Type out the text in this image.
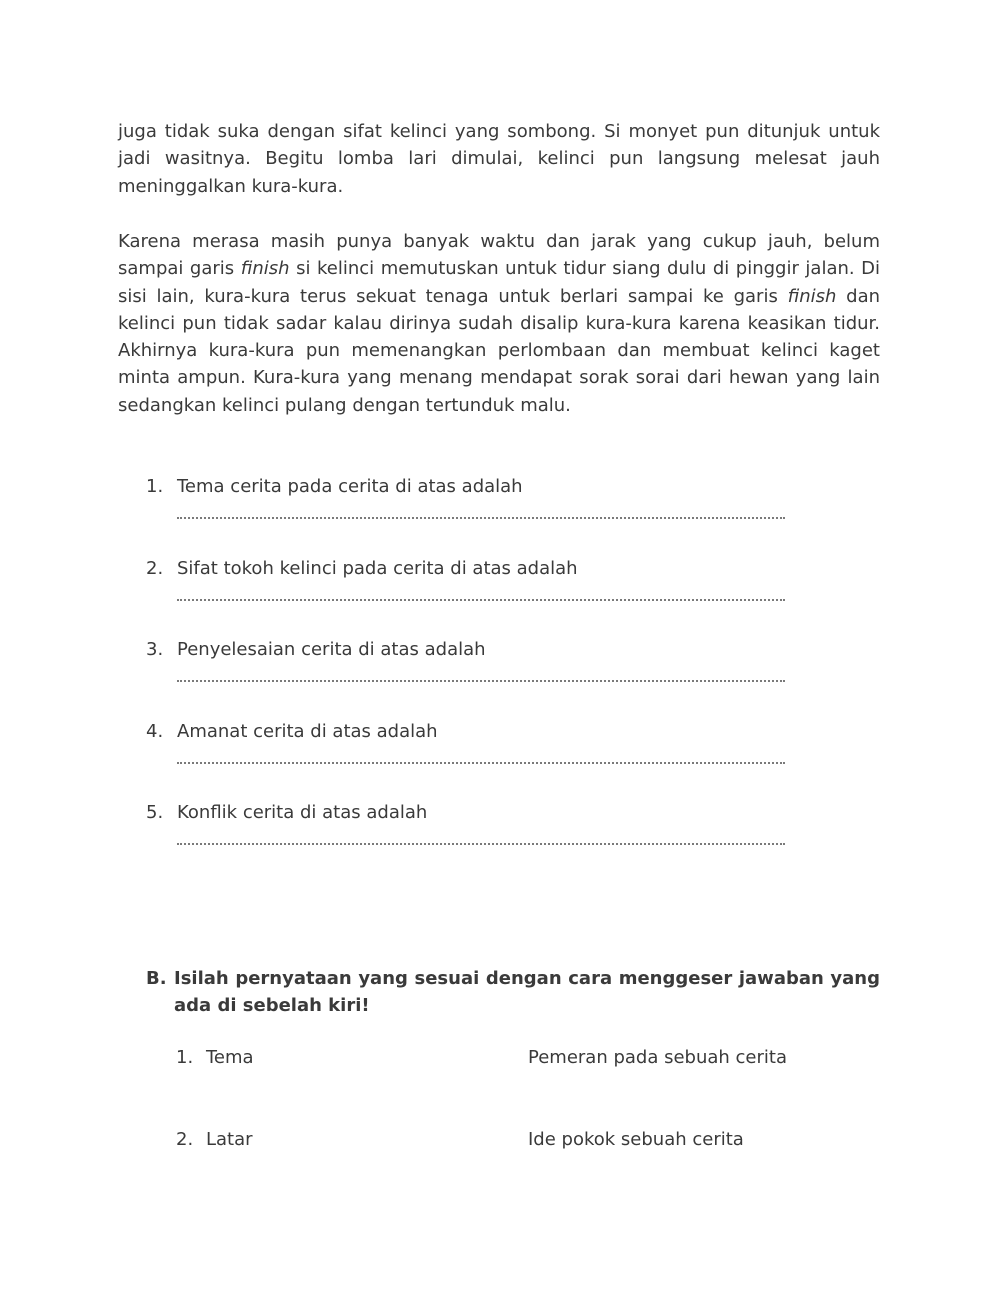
juga tidak suka dengan sifat kelinci yang sombong. Si monyet pun ditunjuk untuk jadi wasitnya. Begitu lomba lari dimulai, kelinci pun langsung melesat jauh meninggalkan kura-kura.

Karena merasa masih punya banyak waktu dan jarak yang cukup jauh, belum sampai garis finish si kelinci memutuskan untuk tidur siang dulu di pinggir jalan. Di sisi lain, kura-kura terus sekuat tenaga untuk berlari sampai ke garis finish dan kelinci pun tidak sadar kalau dirinya sudah disalip kura-kura karena keasikan tidur. Akhirnya kura-kura pun memenangkan perlombaan dan membuat kelinci kaget minta ampun. Kura-kura yang menang mendapat sorak sorai dari hewan yang lain sedangkan kelinci pulang dengan tertunduk malu.

1. Tema cerita pada cerita di atas adalah
2. Sifat tokoh kelinci pada cerita di atas adalah
3. Penyelesaian cerita di atas adalah
4. Amanat cerita di atas adalah
5. Konflik cerita di atas adalah
B. Isilah pernyataan yang sesuai dengan cara menggeser jawaban yang ada di sebelah kiri!
1. Tema	Pemeran pada sebuah cerita
2. Latar	Ide pokok sebuah cerita
